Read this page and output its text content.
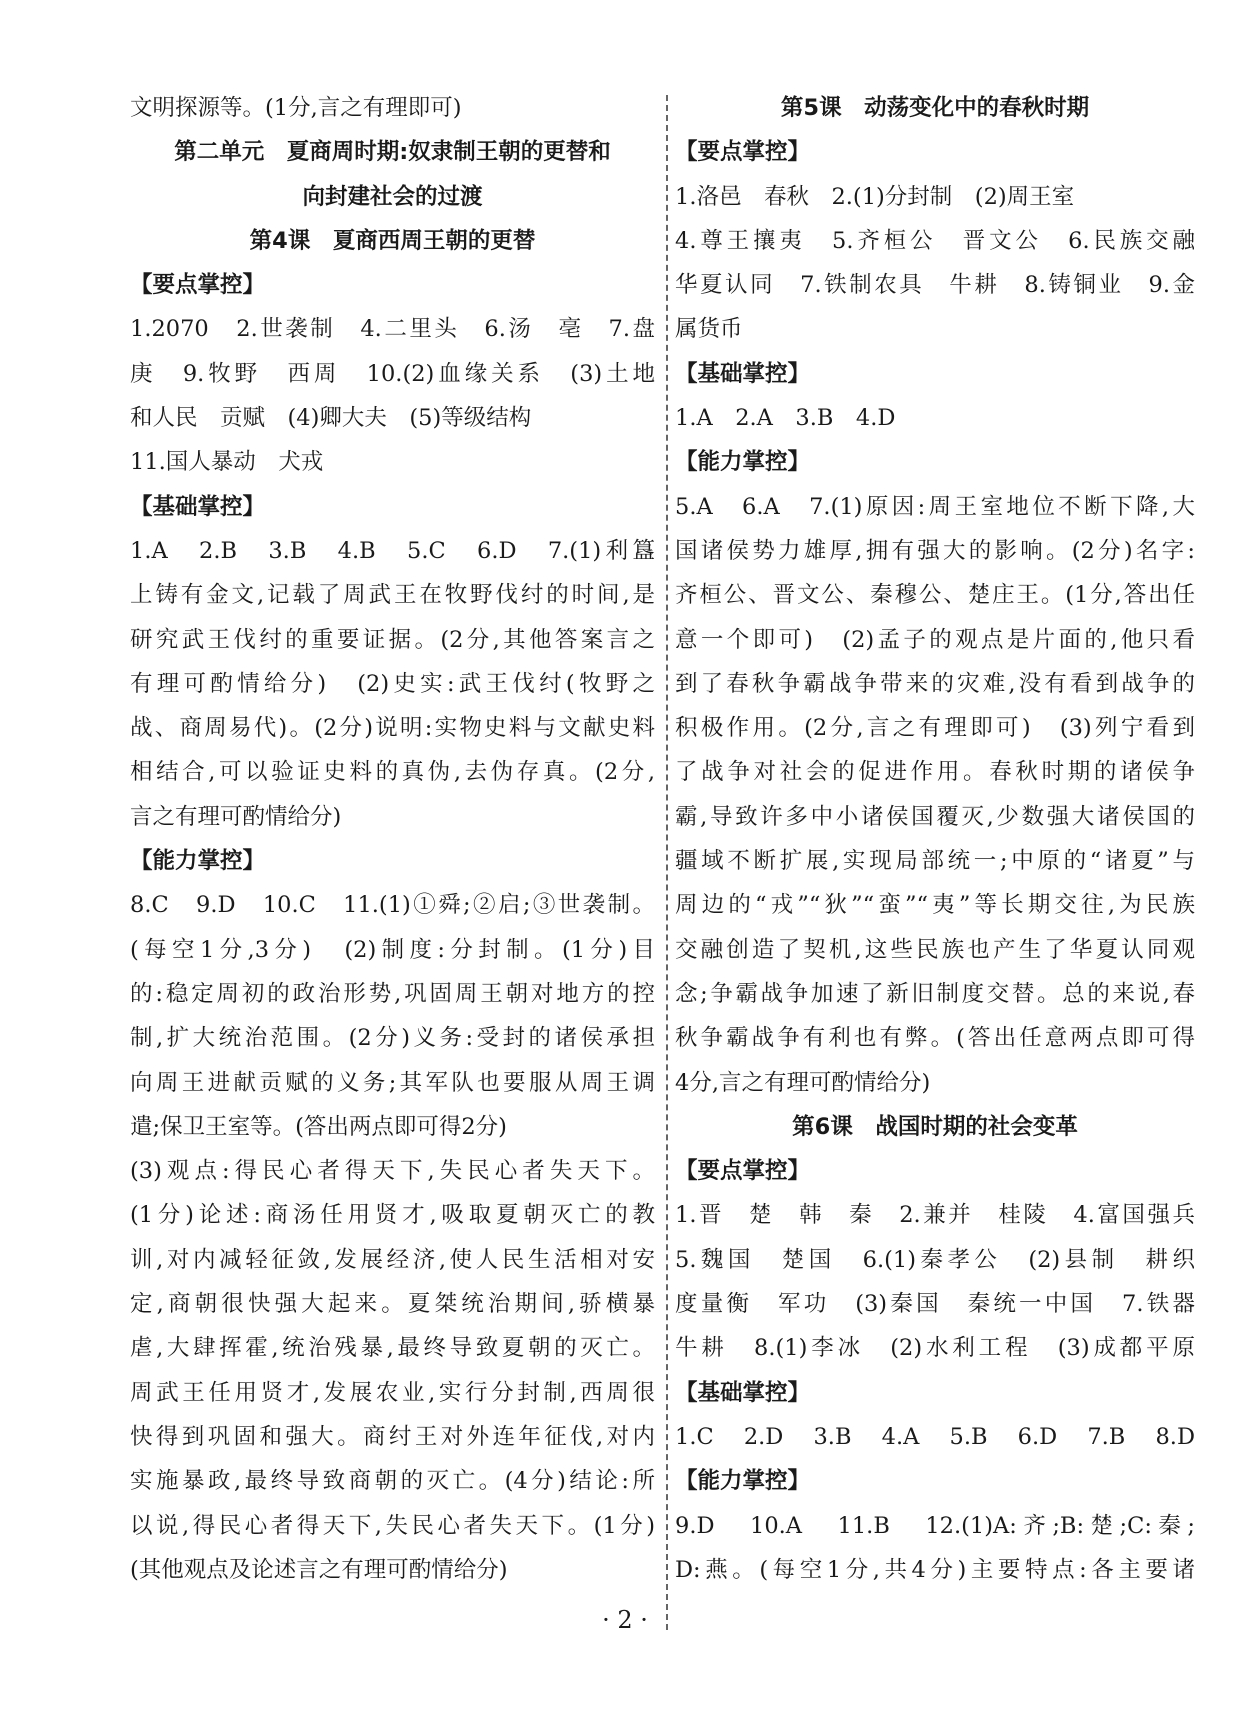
文明探源等。(1分,言之有理即可)
第二单元　夏商周时期:奴隶制王朝的更替和
向封建社会的过渡
第4课　夏商西周王朝的更替
【要点掌控】
1.2070　2.世袭制　4.二里头　6.汤　亳　7.盘
庚　9.牧野　西周　10.(2)血缘关系　(3)土地
和人民　贡赋　(4)卿大夫　(5)等级结构
11.国人暴动　犬戎
【基础掌控】
1.A　2.B　3.B　4.B　5.C　6.D　7.(1)利簋
上铸有金文,记载了周武王在牧野伐纣的时间,是
研究武王伐纣的重要证据。(2分,其他答案言之
有理可酌情给分)　(2)史实:武王伐纣(牧野之
战、商周易代)。(2分)说明:实物史料与文献史料
相结合,可以验证史料的真伪,去伪存真。(2分,
言之有理可酌情给分)
【能力掌控】
8.C　9.D　10.C　11.(1)①舜;②启;③世袭制。
(每空1分,3分)　(2)制度:分封制。(1分)目
的:稳定周初的政治形势,巩固周王朝对地方的控
制,扩大统治范围。(2分)义务:受封的诸侯承担
向周王进献贡赋的义务;其军队也要服从周王调
遣;保卫王室等。(答出两点即可得2分)
(3)观点:得民心者得天下,失民心者失天下。
(1分)论述:商汤任用贤才,吸取夏朝灭亡的教
训,对内减轻征敛,发展经济,使人民生活相对安
定,商朝很快强大起来。夏桀统治期间,骄横暴
虐,大肆挥霍,统治残暴,最终导致夏朝的灭亡。
周武王任用贤才,发展农业,实行分封制,西周很
快得到巩固和强大。商纣王对外连年征伐,对内
实施暴政,最终导致商朝的灭亡。(4分)结论:所
以说,得民心者得天下,失民心者失天下。(1分)
(其他观点及论述言之有理可酌情给分)
第5课　动荡变化中的春秋时期
【要点掌控】
1.洛邑　春秋　2.(1)分封制　(2)周王室
4.尊王攘夷　5.齐桓公　晋文公　6.民族交融
华夏认同　7.铁制农具　牛耕　8.铸铜业　9.金
属货币
【基础掌控】
1.A　2.A　3.B　4.D
【能力掌控】
5.A　6.A　7.(1)原因:周王室地位不断下降,大
国诸侯势力雄厚,拥有强大的影响。(2分)名字:
齐桓公、晋文公、秦穆公、楚庄王。(1分,答出任
意一个即可)　(2)孟子的观点是片面的,他只看
到了春秋争霸战争带来的灾难,没有看到战争的
积极作用。(2分,言之有理即可)　(3)列宁看到
了战争对社会的促进作用。春秋时期的诸侯争
霸,导致许多中小诸侯国覆灭,少数强大诸侯国的
疆域不断扩展,实现局部统一;中原的“诸夏”与
周边的“戎”“狄”“蛮”“夷”等长期交往,为民族
交融创造了契机,这些民族也产生了华夏认同观
念;争霸战争加速了新旧制度交替。总的来说,春
秋争霸战争有利也有弊。(答出任意两点即可得
4分,言之有理可酌情给分)
第6课　战国时期的社会变革
【要点掌控】
1.晋　楚　韩　秦　2.兼并　桂陵　4.富国强兵
5.魏国　楚国　6.(1)秦孝公　(2)县制　耕织
度量衡　军功　(3)秦国　秦统一中国　7.铁器
牛耕　8.(1)李冰　(2)水利工程　(3)成都平原
【基础掌控】
1.C　2.D　3.B　4.A　5.B　6.D　7.B　8.D
【能力掌控】
9.D　10.A　11.B　12.(1)A:齐;B:楚;C:秦;
D:燕。(每空1分,共4分)主要特点:各主要诸
· 2 ·
